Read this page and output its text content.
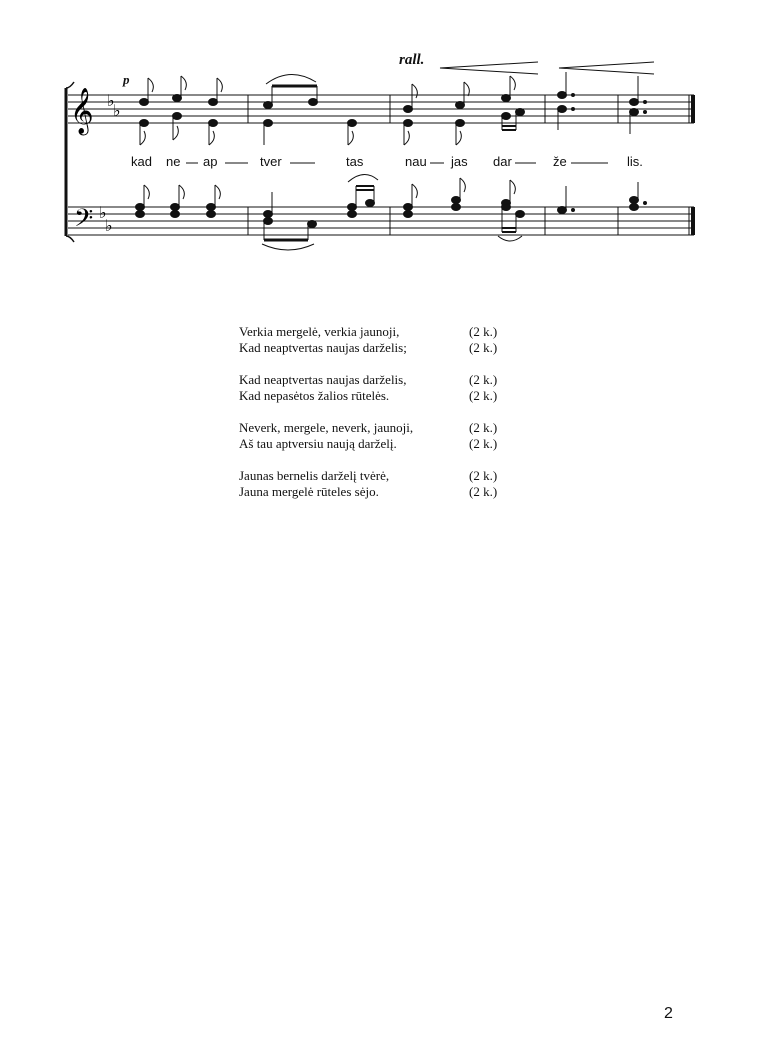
rall.
𝄞
𝄢
♭
♭
♭
♭
p
kad ne ap	tver	tas	nau jas dar	že	lis.
Verkia mergelė, verkia jaunoji,	(2 k.)
Kad neaptvertas naujas darželis;	(2 k.)
Kad neaptvertas naujas darželis,	(2 k.)
Kad nepasėtos žalios rūtelės.	(2 k.)
Neverk, mergele, neverk, jaunoji,	(2 k.)
Aš tau aptversiu naują darželį.	(2 k.)
Jaunas bernelis darželį tvėrė,	(2 k.)
Jauna mergelė rūteles sėjo.	(2 k.)
2
